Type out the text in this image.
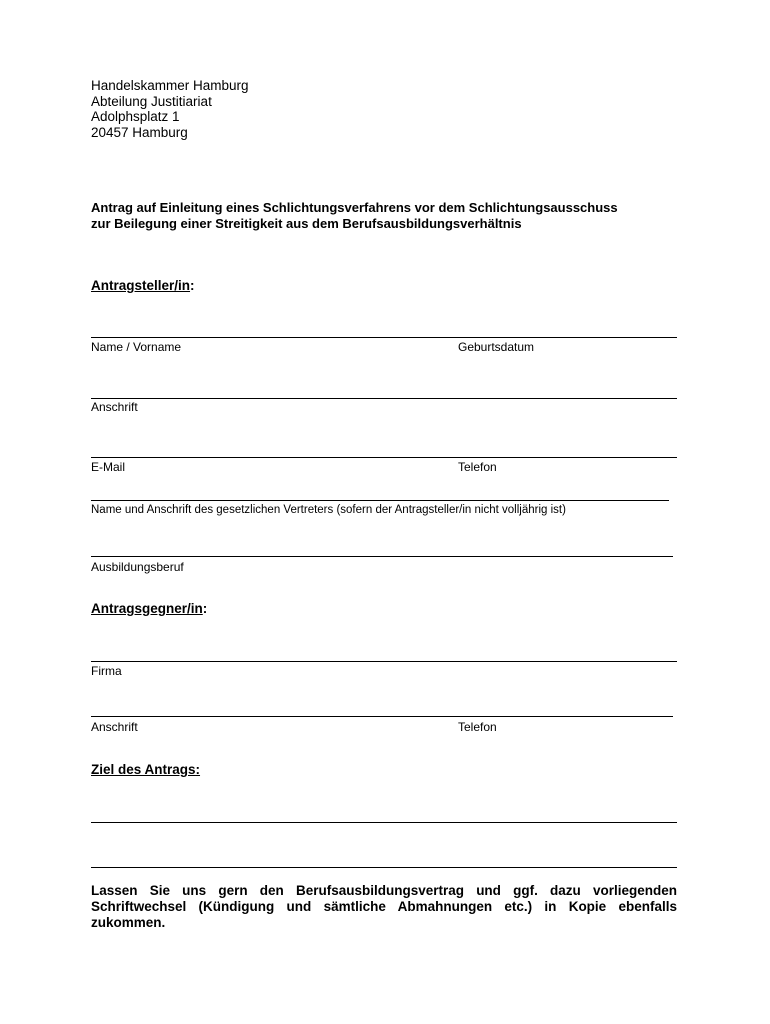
Handelskammer Hamburg
Abteilung Justitiariat
Adolphsplatz 1
20457 Hamburg
Antrag auf Einleitung eines Schlichtungsverfahrens vor dem Schlichtungsausschuss
zur Beilegung einer Streitigkeit aus dem Berufsausbildungsverhältnis
Antragsteller/in:
Name / Vorname	Geburtsdatum
Anschrift
E-Mail	Telefon
Name und Anschrift des gesetzlichen Vertreters (sofern der Antragsteller/in nicht volljährig ist)
Ausbildungsberuf
Antragsgegner/in:
Firma
Anschrift	Telefon
Ziel des Antrags:
Lassen Sie uns gern den Berufsausbildungsvertrag und ggf. dazu vorliegenden
Schriftwechsel (Kündigung und sämtliche Abmahnungen etc.) in Kopie ebenfalls
zukommen.
